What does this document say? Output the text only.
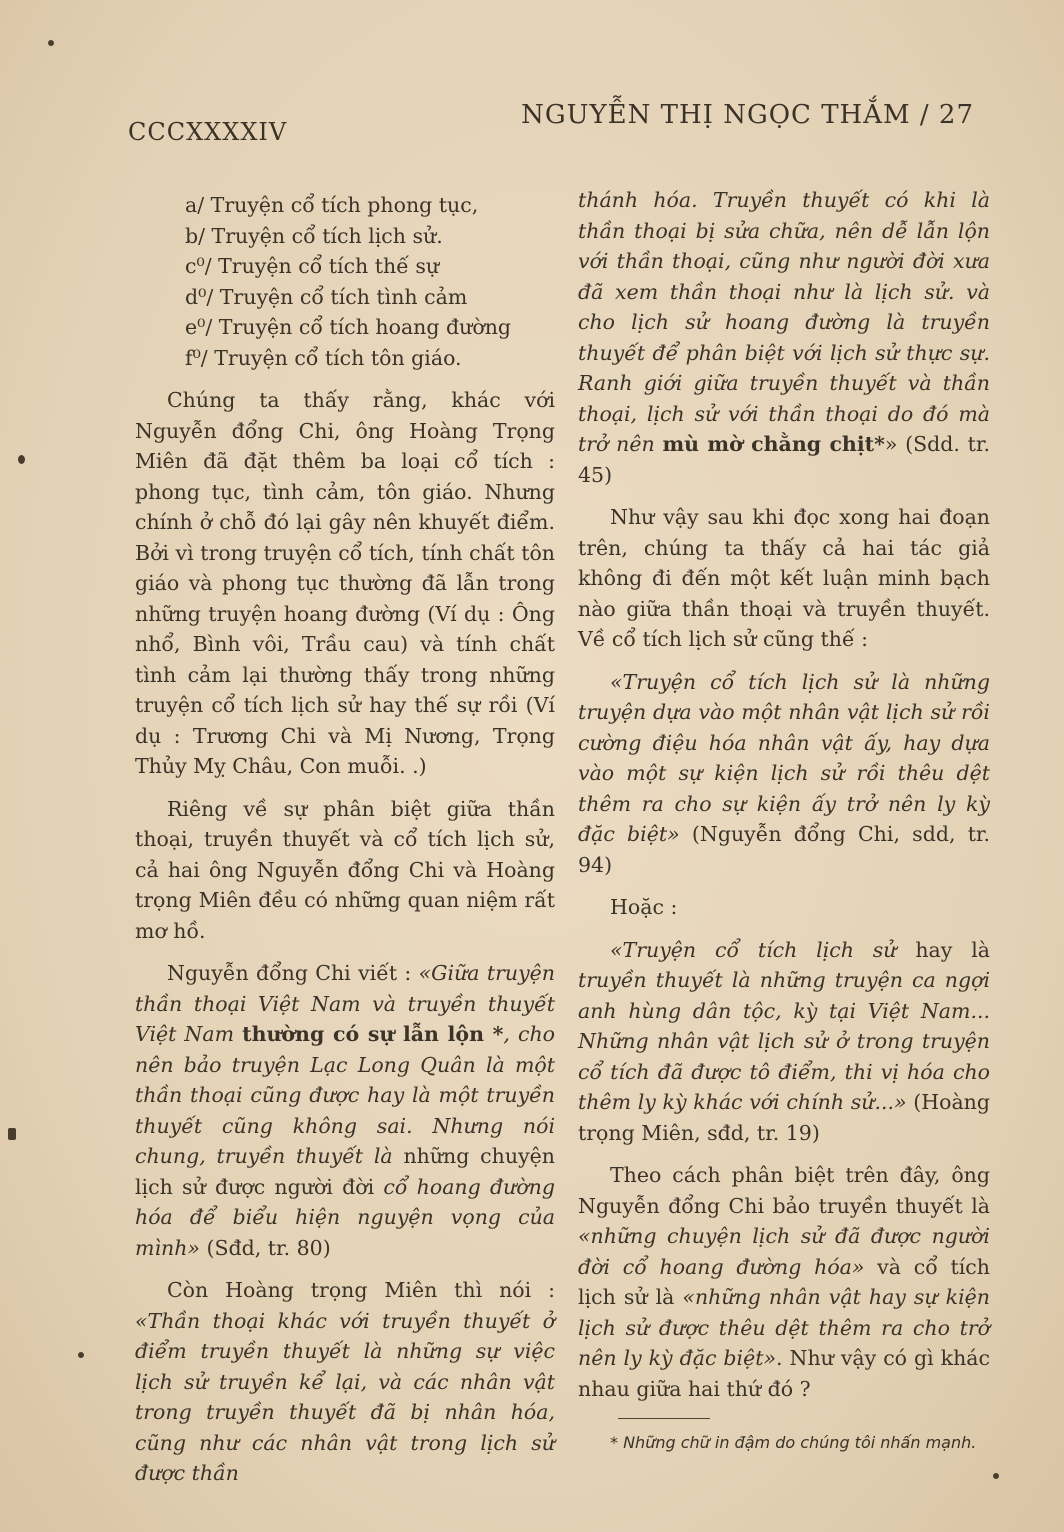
CCCXXXXIV
NGUYỄN THỊ NGỌC THẮM / 27
a/ Truyện cổ tích phong tục,
b/ Truyện cổ tích lịch sử.
c⁰/ Truyện cổ tích thế sự
d⁰/ Truyện cổ tích tình cảm
e⁰/ Truyện cổ tích hoang đường
f⁰/ Truyện cổ tích tôn giáo.

Chúng ta thấy rằng, khác với Nguyễn đổng Chi, ông Hoàng Trọng Miên đã đặt thêm ba loại cổ tích : phong tục, tình cảm, tôn giáo. Nhưng chính ở chỗ đó lại gây nên khuyết điểm. Bởi vì trong truyện cổ tích, tính chất tôn giáo và phong tục thường đã lẫn trong những truyện hoang đường (Ví dụ : Ông nhổ, Bình vôi, Trầu cau) và tính chất tình cảm lại thường thấy trong những truyện cổ tích lịch sử hay thế sự rồi (Ví dụ : Trương Chi và Mị Nương, Trọng Thủy Mỵ Châu, Con muỗi. .)

Riêng về sự phân biệt giữa thần thoại, truyền thuyết và cổ tích lịch sử, cả hai ông Nguyễn đổng Chi và Hoàng trọng Miên đều có những quan niệm rất mơ hồ.

Nguyễn đổng Chi viết : «Giữa truyện thần thoại Việt Nam và truyền thuyết Việt Nam thường có sự lẫn lộn *, cho nên bảo truyện Lạc Long Quân là một thần thoại cũng được hay là một truyền thuyết cũng không sai. Nhưng nói chung, truyền thuyết là những chuyện lịch sử được người đời cổ hoang đường hóa để biểu hiện nguyện vọng của mình» (Sđd, tr. 80)

Còn Hoàng trọng Miên thì nói : «Thần thoại khác với truyền thuyết ở điểm truyền thuyết là những sự việc lịch sử truyền kể lại, và các nhân vật trong truyền thuyết đã bị nhân hóa, cũng như các nhân vật trong lịch sử được thần

thánh hóa. Truyền thuyết có khi là thần thoại bị sửa chữa, nên dễ lẫn lộn với thần thoại, cũng như người đời xưa đã xem thần thoại như là lịch sử. và cho lịch sử hoang đường là truyền thuyết để phân biệt với lịch sử thực sự. Ranh giới giữa truyền thuyết và thần thoại, lịch sử với thần thoại do đó mà trở nên mù mờ chằng chịt*» (Sdd. tr. 45)

Như vậy sau khi đọc xong hai đoạn trên, chúng ta thấy cả hai tác giả không đi đến một kết luận minh bạch nào giữa thần thoại và truyền thuyết. Về cổ tích lịch sử cũng thế :

«Truyện cổ tích lịch sử là những truyện dựa vào một nhân vật lịch sử rồi cường điệu hóa nhân vật ấy, hay dựa vào một sự kiện lịch sử rồi thêu dệt thêm ra cho sự kiện ấy trở nên ly kỳ đặc biệt» (Nguyễn đổng Chi, sdd, tr. 94)

Hoặc :

«Truyện cổ tích lịch sử hay là truyền thuyết là những truyện ca ngợi anh hùng dân tộc, kỳ tại Việt Nam... Những nhân vật lịch sử ở trong truyện cổ tích đã được tô điểm, thi vị hóa cho thêm ly kỳ khác với chính sử...» (Hoàng trọng Miên, sđd, tr. 19)

Theo cách phân biệt trên đây, ông Nguyễn đổng Chi bảo truyền thuyết là «những chuyện lịch sử đã được người đời cổ hoang đường hóa» và cổ tích lịch sử là «những nhân vật hay sự kiện lịch sử được thêu dệt thêm ra cho trở nên ly kỳ đặc biệt». Như vậy có gì khác nhau giữa hai thứ đó ?

* Những chữ in đậm do chúng tôi nhấn mạnh.
